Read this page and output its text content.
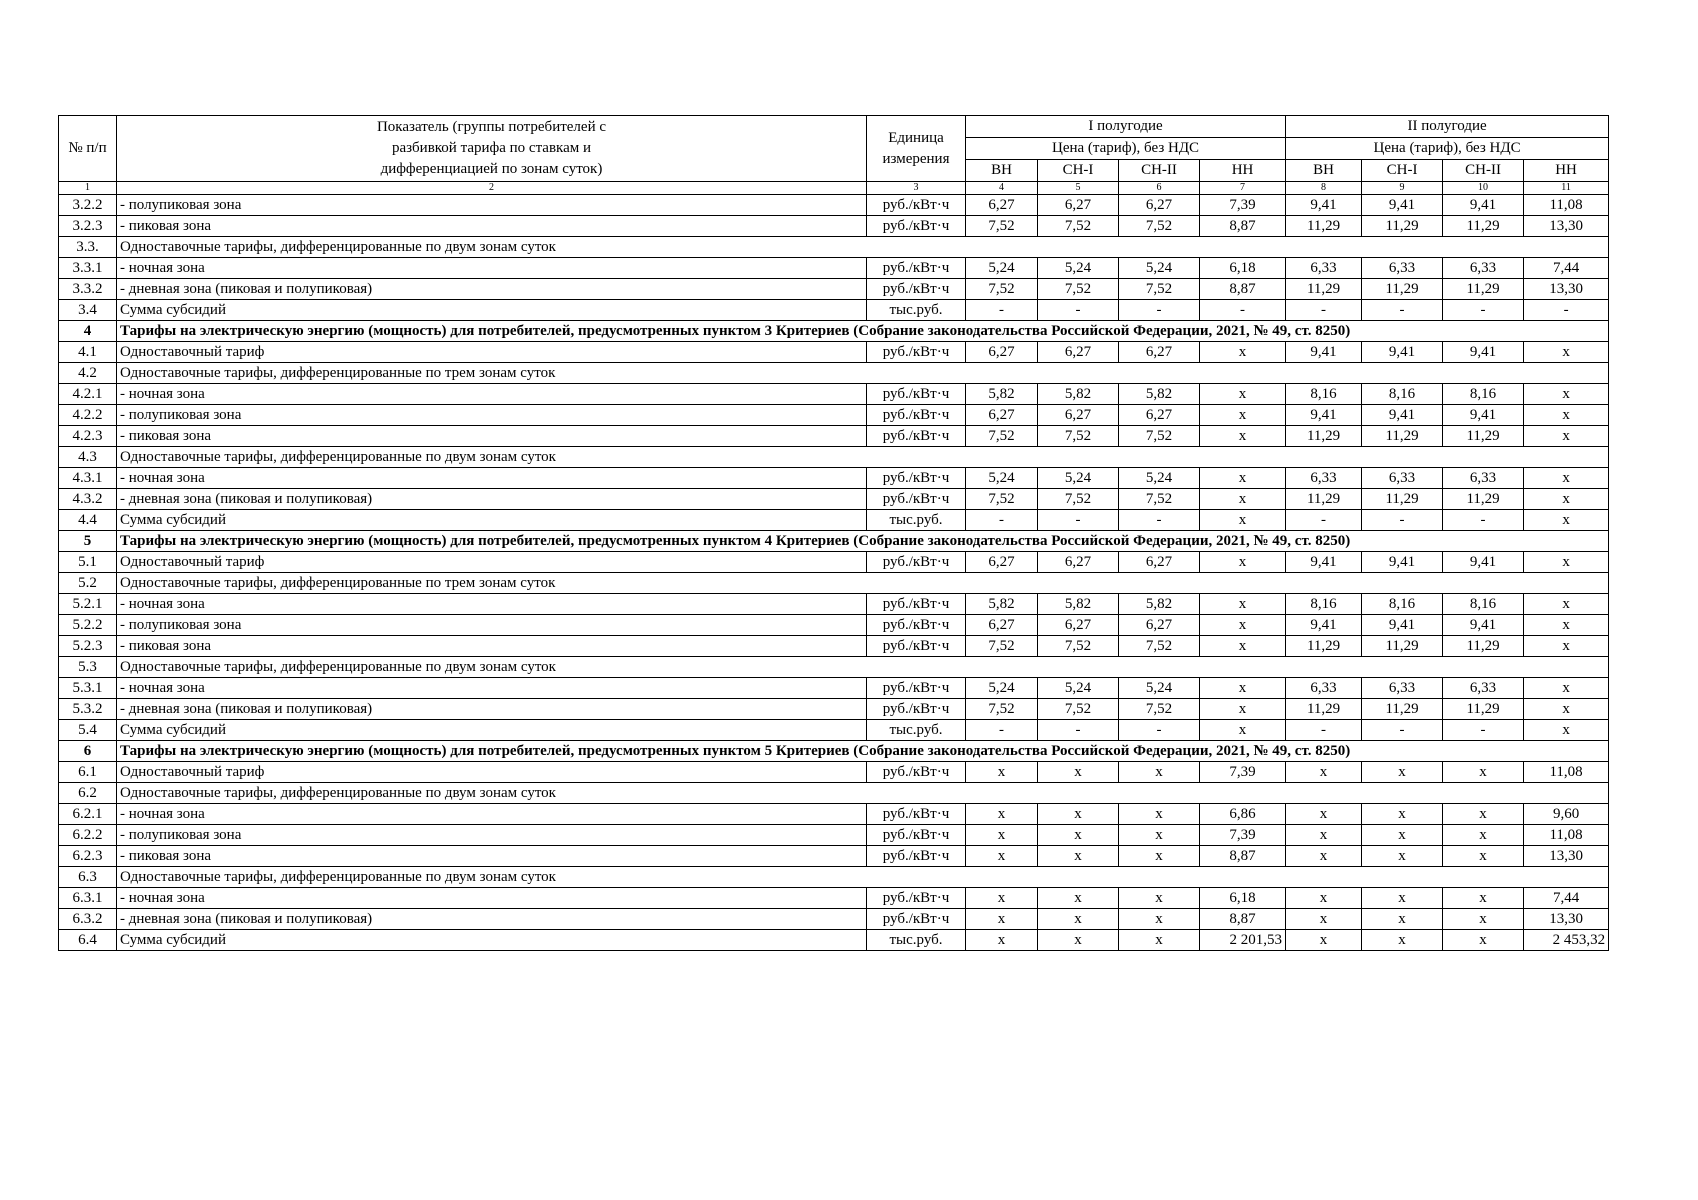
№ п/п	Показатель (группы потребителей с разбивкой тарифа по ставкам и дифференциацией по зонам суток)	Единица измерения	I полугодие				II полугодие			
			Цена (тариф), без НДС				Цена (тариф), без НДС			
			ВН	СН-I	СН-II	НН	ВН	СН-I	СН-II	НН
1	2	3	4	5	6	7	8	9	10	11
3.2.2	- полупиковая зона	руб./кВт·ч	6,27	6,27	6,27	7,39	9,41	9,41	9,41	11,08
3.2.3	- пиковая зона	руб./кВт·ч	7,52	7,52	7,52	8,87	11,29	11,29	11,29	13,30
3.3.	Одноставочные тарифы, дифференцированные по двум зонам суток									
3.3.1	- ночная зона	руб./кВт·ч	5,24	5,24	5,24	6,18	6,33	6,33	6,33	7,44
3.3.2	- дневная зона (пиковая и полупиковая)	руб./кВт·ч	7,52	7,52	7,52	8,87	11,29	11,29	11,29	13,30
3.4	Сумма субсидий	тыс.руб.	-	-	-	-	-	-	-	-
4	Тарифы на электрическую энергию (мощность) для потребителей, предусмотренных пунктом 3 Критериев (Собрание законодательства Российской Федерации, 2021, № 49, ст. 8250)									
4.1	Одноставочный тариф	руб./кВт·ч	6,27	6,27	6,27	х	9,41	9,41	9,41	х
4.2	Одноставочные тарифы, дифференцированные по трем зонам суток									
4.2.1	- ночная зона	руб./кВт·ч	5,82	5,82	5,82	х	8,16	8,16	8,16	х
4.2.2	- полупиковая зона	руб./кВт·ч	6,27	6,27	6,27	х	9,41	9,41	9,41	х
4.2.3	- пиковая зона	руб./кВт·ч	7,52	7,52	7,52	х	11,29	11,29	11,29	х
4.3	Одноставочные тарифы, дифференцированные по двум зонам суток									
4.3.1	- ночная зона	руб./кВт·ч	5,24	5,24	5,24	х	6,33	6,33	6,33	х
4.3.2	- дневная зона (пиковая и полупиковая)	руб./кВт·ч	7,52	7,52	7,52	х	11,29	11,29	11,29	х
4.4	Сумма субсидий	тыс.руб.	-	-	-	х	-	-	-	х
5	Тарифы на электрическую энергию (мощность) для потребителей, предусмотренных пунктом 4 Критериев (Собрание законодательства Российской Федерации, 2021, № 49, ст. 8250)									
5.1	Одноставочный тариф	руб./кВт·ч	6,27	6,27	6,27	х	9,41	9,41	9,41	х
5.2	Одноставочные тарифы, дифференцированные по трем зонам суток									
5.2.1	- ночная зона	руб./кВт·ч	5,82	5,82	5,82	х	8,16	8,16	8,16	х
5.2.2	- полупиковая зона	руб./кВт·ч	6,27	6,27	6,27	х	9,41	9,41	9,41	х
5.2.3	- пиковая зона	руб./кВт·ч	7,52	7,52	7,52	х	11,29	11,29	11,29	х
5.3	Одноставочные тарифы, дифференцированные по двум зонам суток									
5.3.1	- ночная зона	руб./кВт·ч	5,24	5,24	5,24	х	6,33	6,33	6,33	х
5.3.2	- дневная зона (пиковая и полупиковая)	руб./кВт·ч	7,52	7,52	7,52	х	11,29	11,29	11,29	х
5.4	Сумма субсидий	тыс.руб.	-	-	-	х	-	-	-	х
6	Тарифы на электрическую энергию (мощность) для потребителей, предусмотренных пунктом 5 Критериев (Собрание законодательства Российской Федерации, 2021, № 49, ст. 8250)									
6.1	Одноставочный тариф	руб./кВт·ч	х	х	х	7,39	х	х	х	11,08
6.2	Одноставочные тарифы, дифференцированные по двум зонам суток									
6.2.1	- ночная зона	руб./кВт·ч	х	х	х	6,86	х	х	х	9,60
6.2.2	- полупиковая зона	руб./кВт·ч	х	х	х	7,39	х	х	х	11,08
6.2.3	- пиковая зона	руб./кВт·ч	х	х	х	8,87	х	х	х	13,30
6.3	Одноставочные тарифы, дифференцированные по двум зонам суток									
6.3.1	- ночная зона	руб./кВт·ч	х	х	х	6,18	х	х	х	7,44
6.3.2	- дневная зона (пиковая и полупиковая)	руб./кВт·ч	х	х	х	8,87	х	х	х	13,30
6.4	Сумма субсидий	тыс.руб.	х	х	х	2 201,53	х	х	х	2 453,32
